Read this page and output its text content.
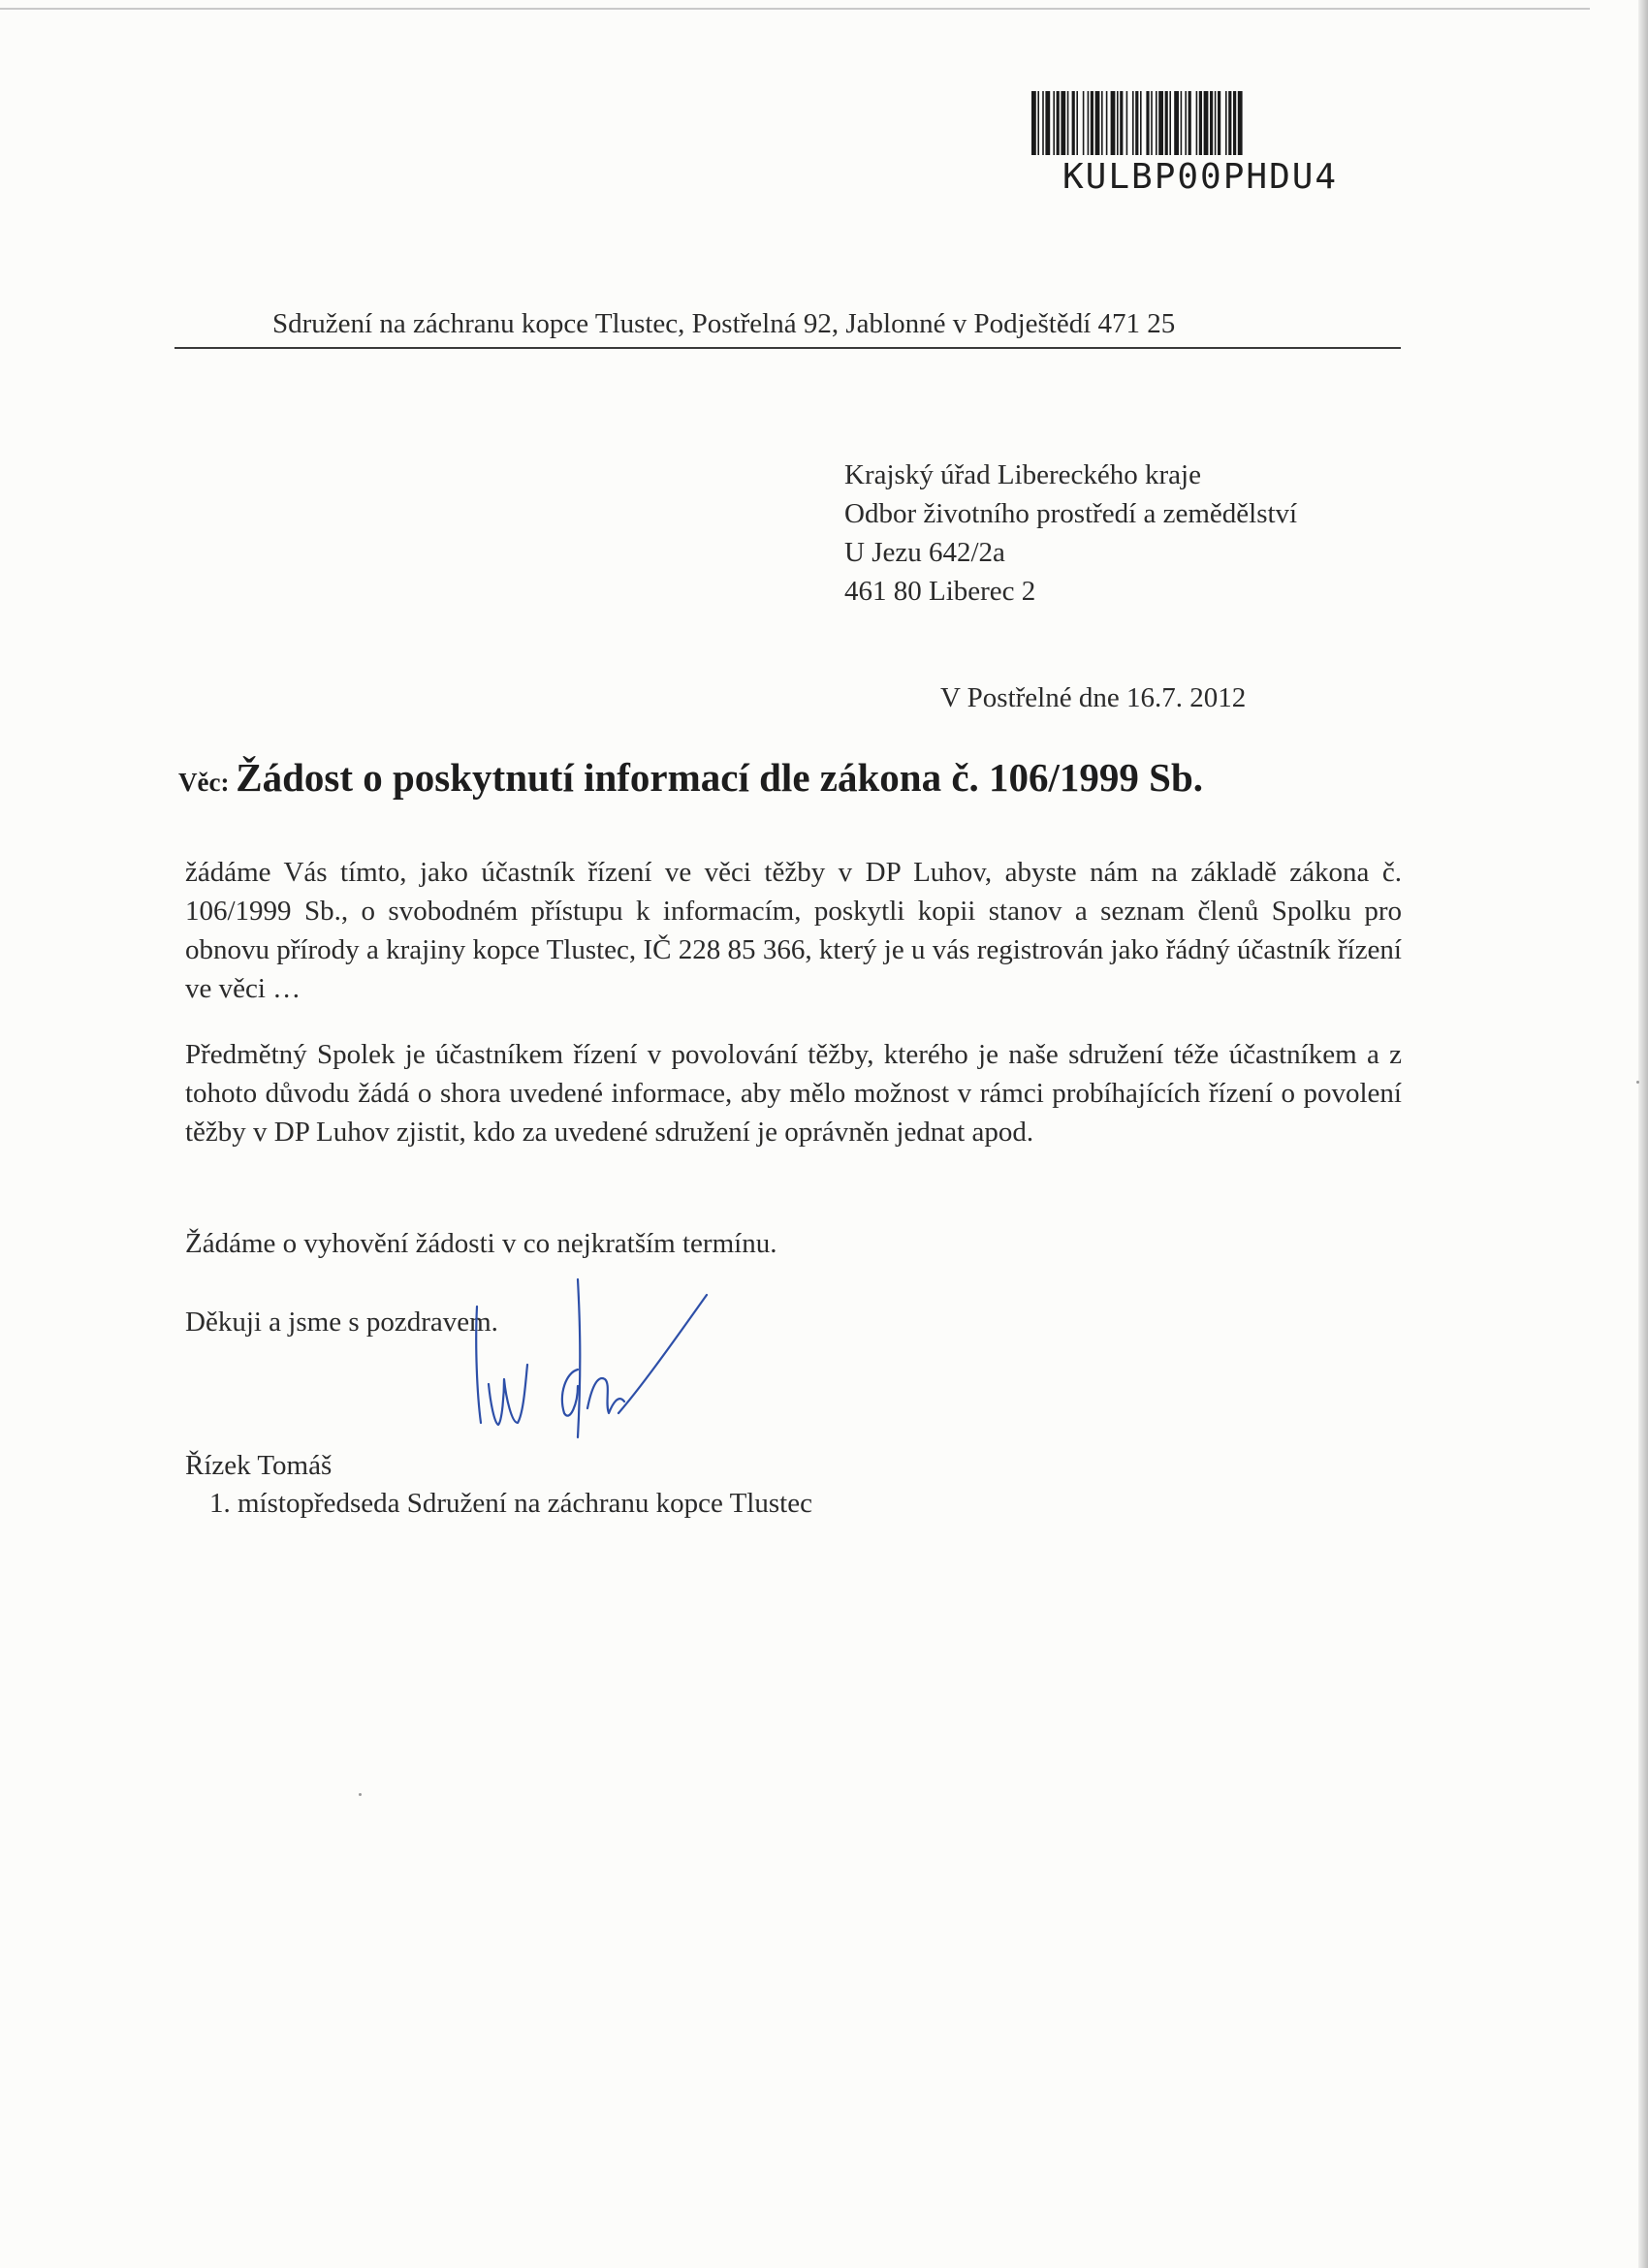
KULBP00PHDU4
Sdružení na záchranu kopce Tlustec, Postřelná 92, Jablonné v Podještědí 471 25
Krajský úřad Libereckého kraje
Odbor životního prostředí a zemědělství
U Jezu 642/2a
461 80 Liberec 2
V Postřelné dne 16.7. 2012
Věc: Žádost o poskytnutí informací dle zákona č. 106/1999 Sb.
žádáme Vás tímto, jako účastník řízení ve věci těžby v DP Luhov, abyste nám na základě zákona č. 106/1999 Sb., o svobodném přístupu k informacím, poskytli kopii stanov a seznam členů Spolku pro obnovu přírody a krajiny kopce Tlustec, IČ 228 85 366, který je u vás registrován jako řádný účastník řízení ve věci …
Předmětný Spolek je účastníkem řízení v povolování těžby, kterého je naše sdružení téže účastníkem a z tohoto důvodu žádá o shora uvedené informace, aby mělo možnost v rámci probíhajících řízení o povolení těžby v DP Luhov zjistit, kdo za uvedené sdružení je oprávněn jednat apod.
Žádáme o vyhovění žádosti v co nejkratším termínu.
Děkuji a jsme s pozdravem.
Řízek Tomáš
1. místopředseda Sdružení na záchranu kopce Tlustec
